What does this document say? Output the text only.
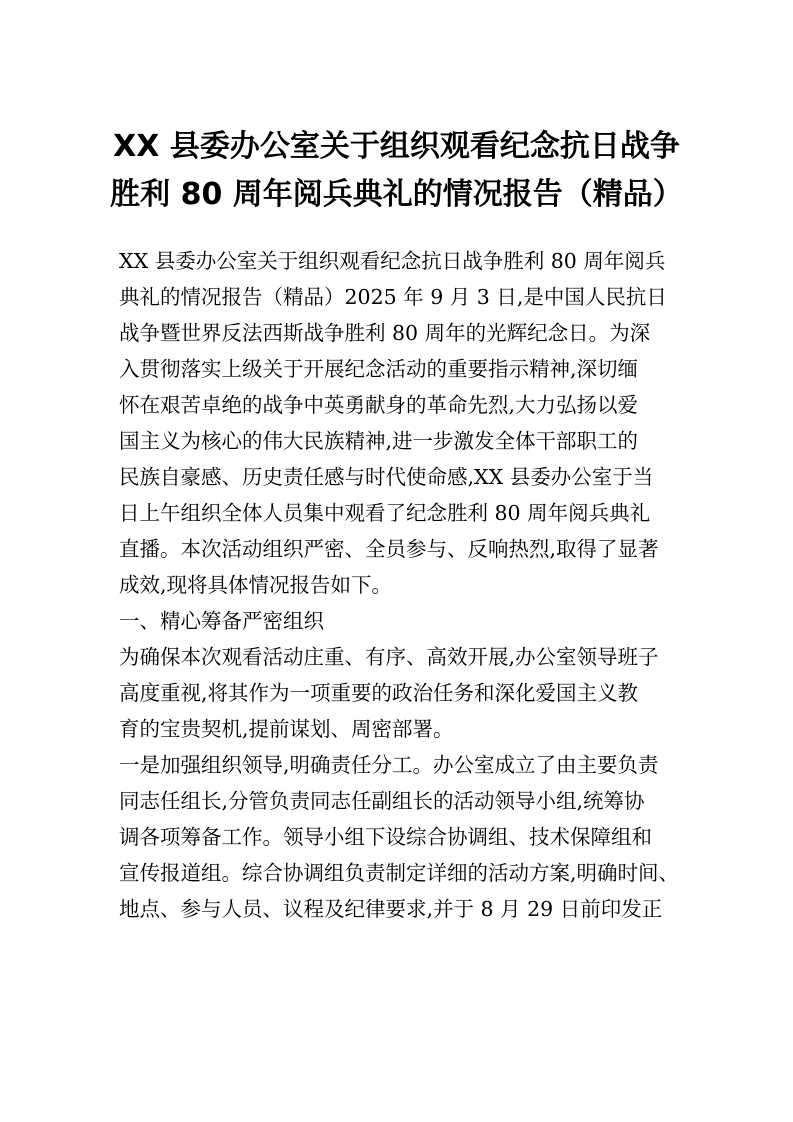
XX 县委办公室关于组织观看纪念抗日战争
胜利 80 周年阅兵典礼的情况报告（精品）
XX 县委办公室关于组织观看纪念抗日战争胜利 80 周年阅兵
典礼的情况报告（精品）2025 年 9 月 3 日,是中国人民抗日
战争暨世界反法西斯战争胜利 80 周年的光辉纪念日。为深
入贯彻落实上级关于开展纪念活动的重要指示精神,深切缅
怀在艰苦卓绝的战争中英勇献身的革命先烈,大力弘扬以爱
国主义为核心的伟大民族精神,进一步激发全体干部职工的
民族自豪感、历史责任感与时代使命感,XX 县委办公室于当
日上午组织全体人员集中观看了纪念胜利 80 周年阅兵典礼
直播。本次活动组织严密、全员参与、反响热烈,取得了显著
成效,现将具体情况报告如下。
一、精心筹备严密组织
为确保本次观看活动庄重、有序、高效开展,办公室领导班子
高度重视,将其作为一项重要的政治任务和深化爱国主义教
育的宝贵契机,提前谋划、周密部署。
一是加强组织领导,明确责任分工。办公室成立了由主要负责
同志任组长,分管负责同志任副组长的活动领导小组,统筹协
调各项筹备工作。领导小组下设综合协调组、技术保障组和
宣传报道组。综合协调组负责制定详细的活动方案,明确时间、
地点、参与人员、议程及纪律要求,并于 8 月 29 日前印发正
